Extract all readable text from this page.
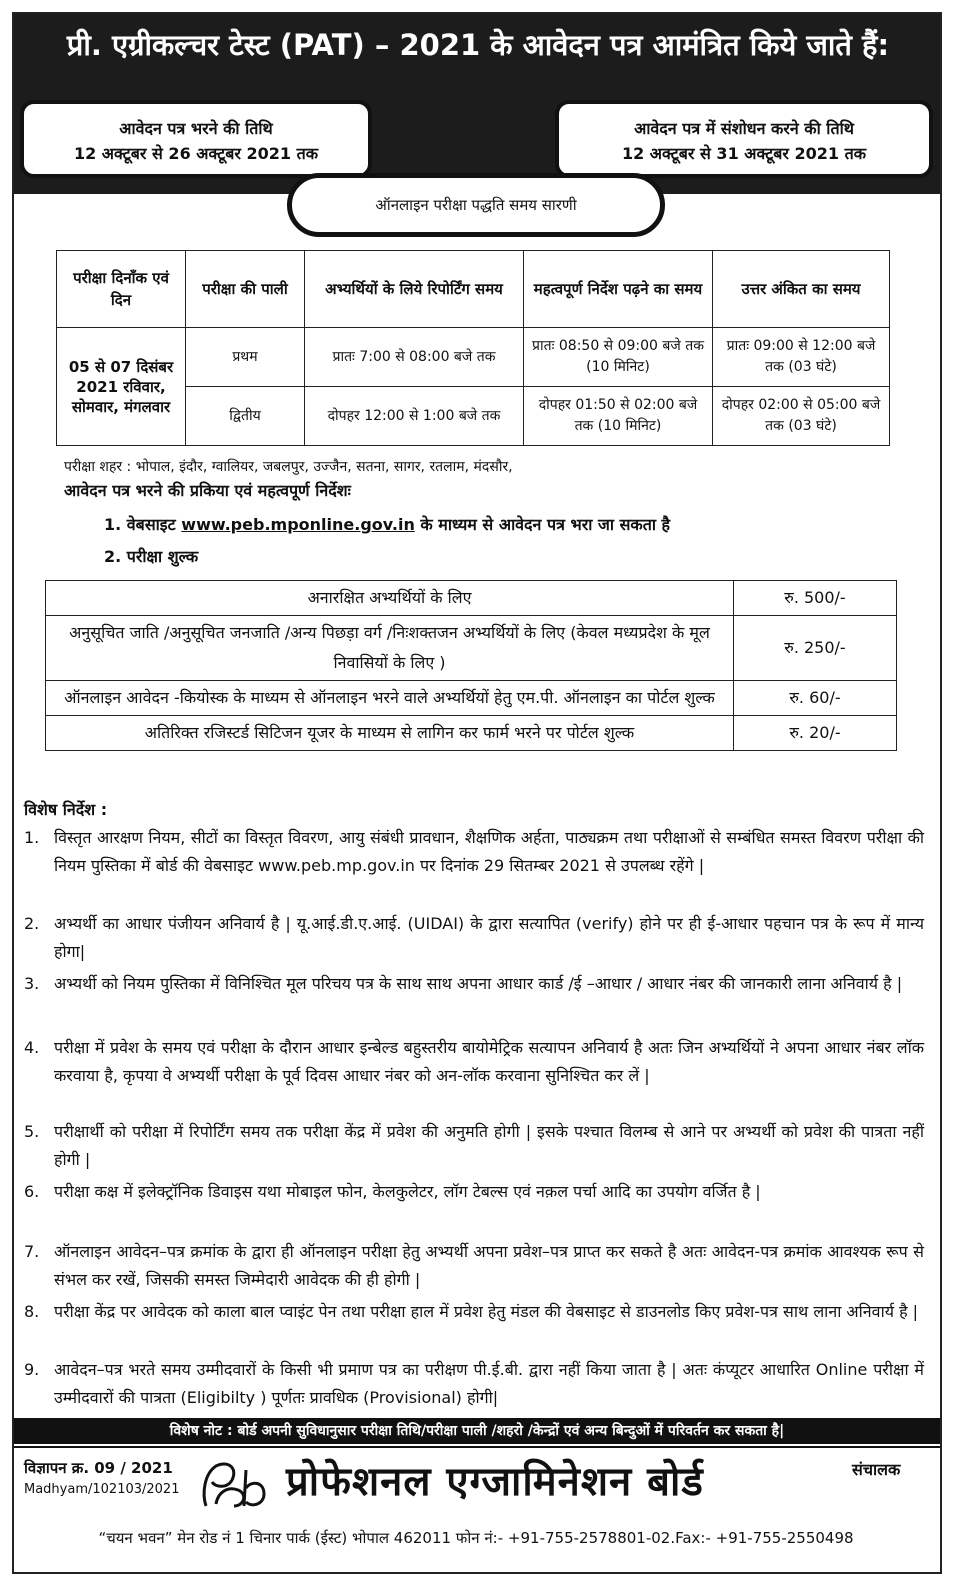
प्री. एग्रीकल्चर टेस्ट (PAT) – 2021 के आवेदन पत्र आमंत्रित किये जाते हैं:
आवेदन पत्र भरने की तिथि
12 अक्टूबर से 26 अक्टूबर 2021 तक
आवेदन पत्र में संशोधन करने की तिथि
12 अक्टूबर से 31 अक्टूबर 2021 तक
ऑनलाइन परीक्षा पद्धति समय सारणी
परीक्षा दिनाँक एवं दिन	परीक्षा की पाली	अभ्यर्थियों के लिये रिपोर्टिंग समय	महत्वपूर्ण निर्देश पढ़ने का समय	उत्तर अंकित का समय
05 से 07 दिसंबर 2021 रविवार, सोमवार, मंगलवार	प्रथम	प्रातः 7:00 से 08:00 बजे तक	प्रातः 08:50 से 09:00 बजे तक (10 मिनिट)	प्रातः 09:00 से 12:00 बजे तक (03 घंटे)
	द्वितीय	दोपहर 12:00 से 1:00 बजे तक	दोपहर 01:50 से 02:00 बजे तक (10 मिनिट)	दोपहर 02:00 से 05:00 बजे तक (03 घंटे)
परीक्षा शहर : भोपाल, इंदौर, ग्वालियर, जबलपुर, उज्जैन, सतना, सागर, रतलाम, मंदसौर,
आवेदन पत्र भरने की प्रकिया एवं महत्वपूर्ण निर्देशः
1. वेबसाइट www.peb.mponline.gov.in के माध्यम से आवेदन पत्र भरा जा सकता है
2. परीक्षा शुल्क
अनारक्षित अभ्यर्थियों के लिए	रु. 500/-
अनुसूचित जाति /अनुसूचित जनजाति /अन्य पिछड़ा वर्ग /निःशक्तजन अभ्यर्थियों के लिए (केवल मध्यप्रदेश के मूल निवासियों के लिए )	रु. 250/-
ऑनलाइन आवेदन -कियोस्क के माध्यम से ऑनलाइन भरने वाले अभ्यर्थियों हेतु एम.पी. ऑनलाइन का पोर्टल शुल्क	रु. 60/-
अतिरिक्त रजिस्टर्ड सिटिजन यूजर के माध्यम से लागिन कर फार्म भरने पर पोर्टल शुल्क	रु. 20/-
विशेष निर्देश :
1. विस्तृत आरक्षण नियम, सीटों का विस्तृत विवरण, आयु संबंधी प्रावधान, शैक्षणिक अर्हता, पाठ्यक्रम तथा परीक्षाओं से सम्बंधित समस्त विवरण परीक्षा की नियम पुस्तिका में बोर्ड की वेबसाइट www.peb.mp.gov.in पर दिनांक 29 सितम्बर 2021 से उपलब्ध रहेंगे |
2. अभ्यर्थी का आधार पंजीयन अनिवार्य है | यू.आई.डी.ए.आई. (UIDAI) के द्वारा सत्यापित (verify) होने पर ही ई-आधार पहचान पत्र के रूप में मान्य होगा|
3. अभ्यर्थी को नियम पुस्तिका में विनिश्चित मूल परिचय पत्र के साथ साथ अपना आधार कार्ड /ई –आधार / आधार नंबर की जानकारी लाना अनिवार्य है |
4. परीक्षा में प्रवेश के समय एवं परीक्षा के दौरान आधार इन्बेल्ड बहुस्तरीय बायोमेट्रिक सत्यापन अनिवार्य है अतः जिन अभ्यर्थियों ने अपना आधार नंबर लॉक करवाया है, कृपया वे अभ्यर्थी परीक्षा के पूर्व दिवस आधार नंबर को अन-लॉक करवाना सुनिश्चित कर लें |
5. परीक्षार्थी को परीक्षा में रिपोर्टिंग समय तक परीक्षा केंद्र में प्रवेश की अनुमति होगी | इसके पश्चात विलम्ब से आने पर अभ्यर्थी को प्रवेश की पात्रता नहीं होगी |
6. परीक्षा कक्ष में इलेक्ट्रॉनिक डिवाइस यथा मोबाइल फोन, केलकुलेटर, लॉग टेबल्स एवं नक़ल पर्चा आदि का उपयोग वर्जित है |
7. ऑनलाइन आवेदन–पत्र क्रमांक के द्वारा ही ऑनलाइन परीक्षा हेतु अभ्यर्थी अपना प्रवेश–पत्र प्राप्त कर सकते है अतः आवेदन-पत्र क्रमांक आवश्यक रूप से संभल कर रखें, जिसकी समस्त जिम्मेदारी आवेदक की ही होगी |
8. परीक्षा केंद्र पर आवेदक को काला बाल प्वाइंट पेन तथा परीक्षा हाल में प्रवेश हेतु मंडल की वेबसाइट से डाउनलोड किए प्रवेश-पत्र साथ लाना अनिवार्य है |
9. आवेदन–पत्र भरते समय उम्मीदवारों के किसी भी प्रमाण पत्र का परीक्षण पी.ई.बी. द्वारा नहीं किया जाता है | अतः कंप्यूटर आधारित Online परीक्षा में उम्मीदवारों की पात्रता (Eligibilty ) पूर्णतः प्रावधिक (Provisional) होगी|
विशेष नोट : बोर्ड अपनी सुविधानुसार परीक्षा तिथि/परीक्षा पाली /शहरो /केन्द्रों एवं अन्य बिन्दुओं में परिवर्तन कर सकता है|
विज्ञापन क्र. 09 / 2021
Madhyam/102103/2021
संचालक
प्रोफेशनल एग्जामिनेशन बोर्ड
“चयन भवन” मेन रोड नं 1 चिनार पार्क (ईस्ट) भोपाल 462011 फोन नं:- +91-755-2578801-02.Fax:- +91-755-2550498
